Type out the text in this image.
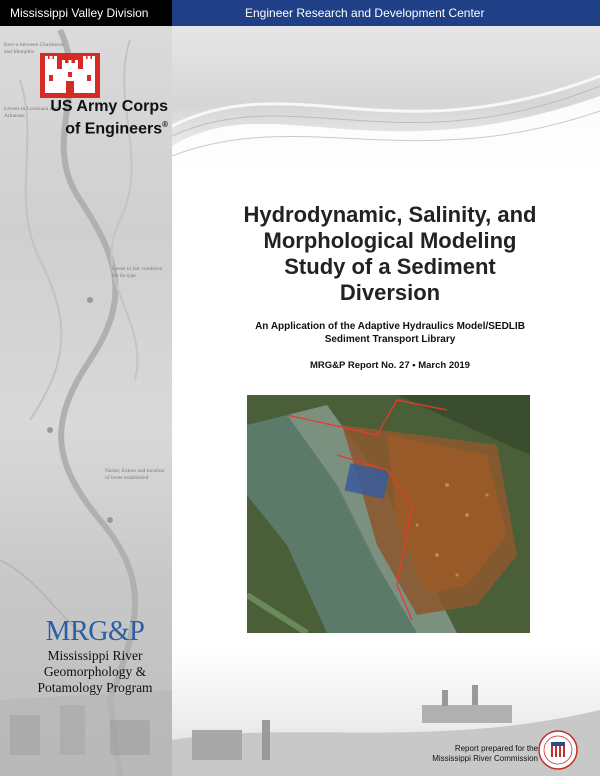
Kerr-o between Charleston and Memphis
Levees in Louisiana and Arkansas
Levee in fair condition for its type
Nashe; Extent and location of levee established
Mississippi Valley Division	Engineer Research and Development Center
US Army Corps
of Engineers®
Hydrodynamic, Salinity, and
Morphological Modeling
Study of a Sediment
Diversion
An Application of the Adaptive Hydraulics Model/SEDLIB
Sediment Transport Library
MRG&P Report No. 27 • March 2019
MRG&P
Mississippi River
Geomorphology &
Potamology Program
Report prepared for the
Mississippi River Commission
